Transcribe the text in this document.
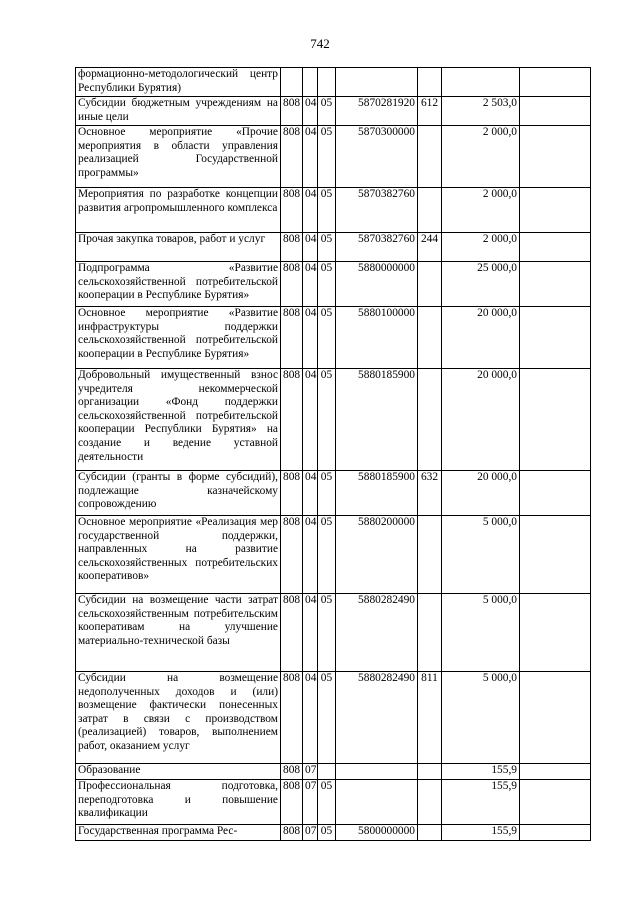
742
формационно-методологический центр Республики Бурятия)							
Субсидии бюджетным учреждениям на иные цели	808	04	05	5870281920	612	2 503,0	
Основное мероприятие «Прочие мероприятия в области управления реализацией Государственной программы»	808	04	05	5870300000		2 000,0	
Мероприятия по разработке концепции развития агропромышленного комплекса	808	04	05	5870382760		2 000,0	
Прочая закупка товаров, работ и услуг	808	04	05	5870382760	244	2 000,0	
Подпрограмма «Развитие сельскохозяйственной потребительской кооперации в Республике Бурятия»	808	04	05	5880000000		25 000,0	
Основное мероприятие «Развитие инфраструктуры поддержки сельскохозяйственной потребительской кооперации в Республике Бурятия»	808	04	05	5880100000		20 000,0	
Добровольный имущественный взнос учредителя некоммерческой организации «Фонд поддержки сельскохозяйственной потребительской кооперации Республики Бурятия» на создание и ведение уставной деятельности	808	04	05	5880185900		20 000,0	
Субсидии (гранты в форме субсидий), подлежащие казначейскому сопровождению	808	04	05	5880185900	632	20 000,0	
Основное мероприятие «Реализация мер государственной поддержки, направленных на развитие сельскохозяйственных потребительских кооперативов»	808	04	05	5880200000		5 000,0	
Субсидии на возмещение части затрат сельскохозяйственным потребительским кооперативам на улучшение материально-технической базы	808	04	05	5880282490		5 000,0	
Субсидии на возмещение недополученных доходов и (или) возмещение фактически понесенных затрат в связи с производством (реализацией) товаров, выполнением работ, оказанием услуг	808	04	05	5880282490	811	5 000,0	
Образование	808	07				155,9	
Профессиональная подготовка, переподготовка и повышение квалификации	808	07	05			155,9	
Государственная программа Рес-	808	07	05	5800000000		155,9	
